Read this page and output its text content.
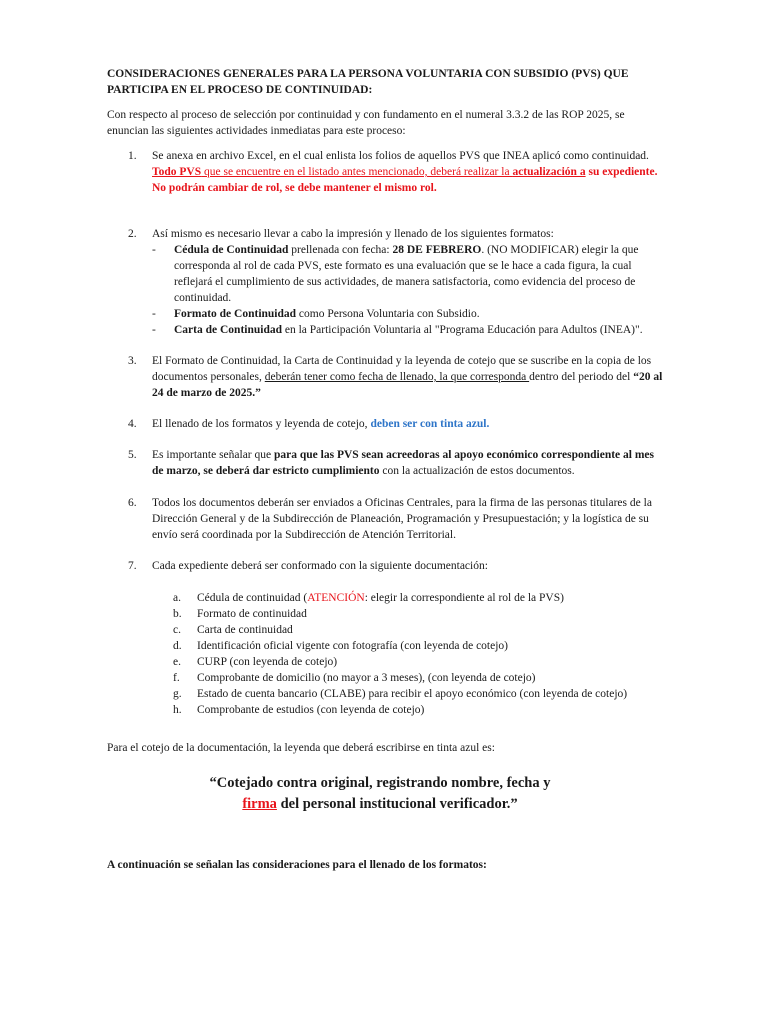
CONSIDERACIONES GENERALES PARA LA PERSONA VOLUNTARIA CON SUBSIDIO (PVS) QUE PARTICIPA EN EL PROCESO DE CONTINUIDAD:
Con respecto al proceso de selección por continuidad y con fundamento en el numeral 3.3.2 de las ROP 2025, se enuncian las siguientes actividades inmediatas para este proceso:
1.	Se anexa en archivo Excel, en el cual enlista los folios de aquellos PVS que INEA aplicó como continuidad.
Todo PVS que se encuentre en el listado antes mencionado, deberá realizar la actualización a su expediente.
No podrán cambiar de rol, se debe mantener el mismo rol.
2.	Así mismo es necesario llevar a cabo la impresión y llenado de los siguientes formatos:
- Cédula de Continuidad prellenada con fecha: 28 DE FEBRERO. (NO MODIFICAR) elegir la que corresponda al rol de cada PVS, este formato es una evaluación que se le hace a cada figura, la cual reflejará el cumplimiento de sus actividades, de manera satisfactoria, como evidencia del proceso de continuidad.
- Formato de Continuidad como Persona Voluntaria con Subsidio.
- Carta de Continuidad en la Participación Voluntaria al "Programa Educación para Adultos (INEA)".
3.	El Formato de Continuidad, la Carta de Continuidad y la leyenda de cotejo que se suscribe en la copia de los documentos personales, deberán tener como fecha de llenado, la que corresponda dentro del periodo del “20 al 24 de marzo de 2025.”
4.	El llenado de los formatos y leyenda de cotejo, deben ser con tinta azul.
5.	Es importante señalar que para que las PVS sean acreedoras al apoyo económico correspondiente al mes de marzo, se deberá dar estricto cumplimiento con la actualización de estos documentos.
6.	Todos los documentos deberán ser enviados a Oficinas Centrales, para la firma de las personas titulares de la Dirección General y de la Subdirección de Planeación, Programación y Presupuestación; y la logística de su envío será coordinada por la Subdirección de Atención Territorial.
7.	Cada expediente deberá ser conformado con la siguiente documentación:
a. Cédula de continuidad (ATENCIÓN: elegir la correspondiente al rol de la PVS)
b. Formato de continuidad
c. Carta de continuidad
d. Identificación oficial vigente con fotografía (con leyenda de cotejo)
e. CURP (con leyenda de cotejo)
f. Comprobante de domicilio (no mayor a 3 meses), (con leyenda de cotejo)
g. Estado de cuenta bancario (CLABE) para recibir el apoyo económico (con leyenda de cotejo)
h. Comprobante de estudios (con leyenda de cotejo)
Para el cotejo de la documentación, la leyenda que deberá escribirse en tinta azul es:
“Cotejado contra original, registrando nombre, fecha y
firma del personal institucional verificador.”
A continuación se señalan las consideraciones para el llenado de los formatos:
